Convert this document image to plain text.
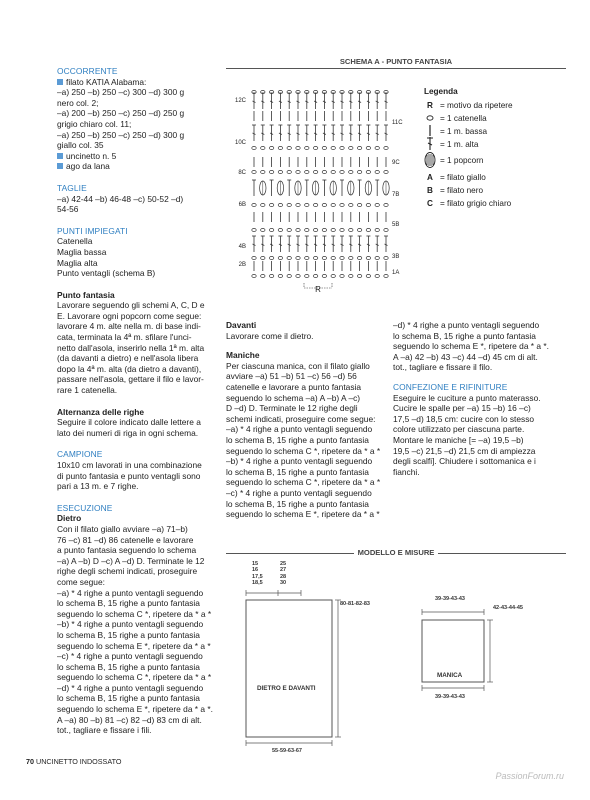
OCCORRENTE

filato KATIA Alabama:
–a) 250 –b) 250 –c) 300 –d) 300 g
nero col. 2;
–a) 200 –b) 250 –c) 250 –d) 250 g
grigio chiaro col. 11;
–a) 250 –b) 250 –c) 250 –d) 300 g
giallo col. 35
uncinetto n. 5
ago da lana

TAGLIE

–a) 42-44 –b) 46-48 –c) 50-52 –d)
54-56

PUNTI IMPIEGATI

Catenella
Maglia bassa
Maglia alta
Punto ventagli (schema B)

Punto fantasia

Lavorare seguendo gli schemi A, C, D e
E. Lavorare ogni popcorn come segue:
lavorare 4 m. alte nella m. di base indi-
cata, terminata la 4ª m. sfilare l'unci-
netto dall'asola, inserirlo nella 1ª m. alta
(da davanti a dietro) e nell'asola libera
dopo la 4ª m. alta (da dietro a davanti),
passare nell'asola, gettare il filo e lavor-
rare 1 catenella.

Alternanza delle righe

Seguire il colore indicato dalle lettere a
lato dei numeri di riga in ogni schema.

CAMPIONE

10x10 cm lavorati in una combinazione
di punto fantasia e punto ventagli sono
pari a 13 m. e 7 righe.

ESECUZIONE

Dietro

Con il filato giallo avviare –a) 71–b)
76 –c) 81 –d) 86 catenelle e lavorare
a punto fantasia seguendo lo schema
–a) A –b) D –c) A –d) D. Terminate le 12
righe degli schemi indicati, proseguire
come segue:
–a) * 4 righe a punto ventagli seguendo
lo schema B, 15 righe a punto fantasia
seguendo lo schema C *, ripetere da * a *
–b) * 4 righe a punto ventagli seguendo
lo schema B, 15 righe a punto fantasia
seguendo lo schema E *, ripetere da * a *
–c) * 4 righe a punto ventagli seguendo
lo schema B, 15 righe a punto fantasia
seguendo lo schema C *, ripetere da * a *
–d) * 4 righe a punto ventagli seguendo
lo schema B, 15 righe a punto fantasia
seguendo lo schema E *, ripetere da * a *.
A –a) 80 –b) 81 –c) 82 –d) 83 cm di alt.
tot., tagliare e fissare i fili.
SCHEMA A - PUNTO FANTASIA
12C
10C
8C
6B
4B
2B
11C
9C
7B
5B
3B
1A
R
Legenda
R = motivo da ripetere
= 1 catenella
= 1 m. bassa
= 1 m. alta
= 1 popcorn
A = filato giallo
B = filato nero
C = filato grigio chiaro

Davanti

Lavorare come il dietro.

Maniche

Per ciascuna manica, con il filato giallo
avviare –a) 51 –b) 51 –c) 56 –d) 56
catenelle e lavorare a punto fantasia
seguendo lo schema –a) A –b) A –c)
D –d) D. Terminate le 12 righe degli
schemi indicati, proseguire come segue:
–a) * 4 righe a punto ventagli seguendo
lo schema B, 15 righe a punto fantasia
seguendo lo schema C *, ripetere da * a *
–b) * 4 righe a punto ventagli seguendo
lo schema B, 15 righe a punto fantasia
seguendo lo schema C *, ripetere da * a *
–c) * 4 righe a punto ventagli seguendo
lo schema B, 15 righe a punto fantasia
seguendo lo schema E *, ripetere da * a *
–d) * 4 righe a punto ventagli seguendo
lo schema B, 15 righe a punto fantasia
seguendo lo schema E *, ripetere da * a *.
A –a) 42 –b) 43 –c) 44 –d) 45 cm di alt.
tot., tagliare e fissare il filo.

CONFEZIONE E RIFINITURE

Eseguire le cuciture a punto materasso.
Cucire le spalle per –a) 15 –b) 16 –c)
17,5 –d) 18,5 cm: cucire con lo stesso
colore utilizzato per ciascuna parte.
Montare le maniche [= –a) 19,5 –b)
19,5 –c) 21,5 –d) 21,5 cm di ampiezza
degli scalfi]. Chiudere i sottomanica e i
fianchi.
MODELLO E MISURE
15
16
17,5
18,5
25
27
28
30
80-81-82-83
DIETRO E DAVANTI
55-59-63-67
39-39-43-43
42-43-44-45
MANICA
39-39-43-43
70 UNCINETTO INDOSSATO
PassionForum.ru
